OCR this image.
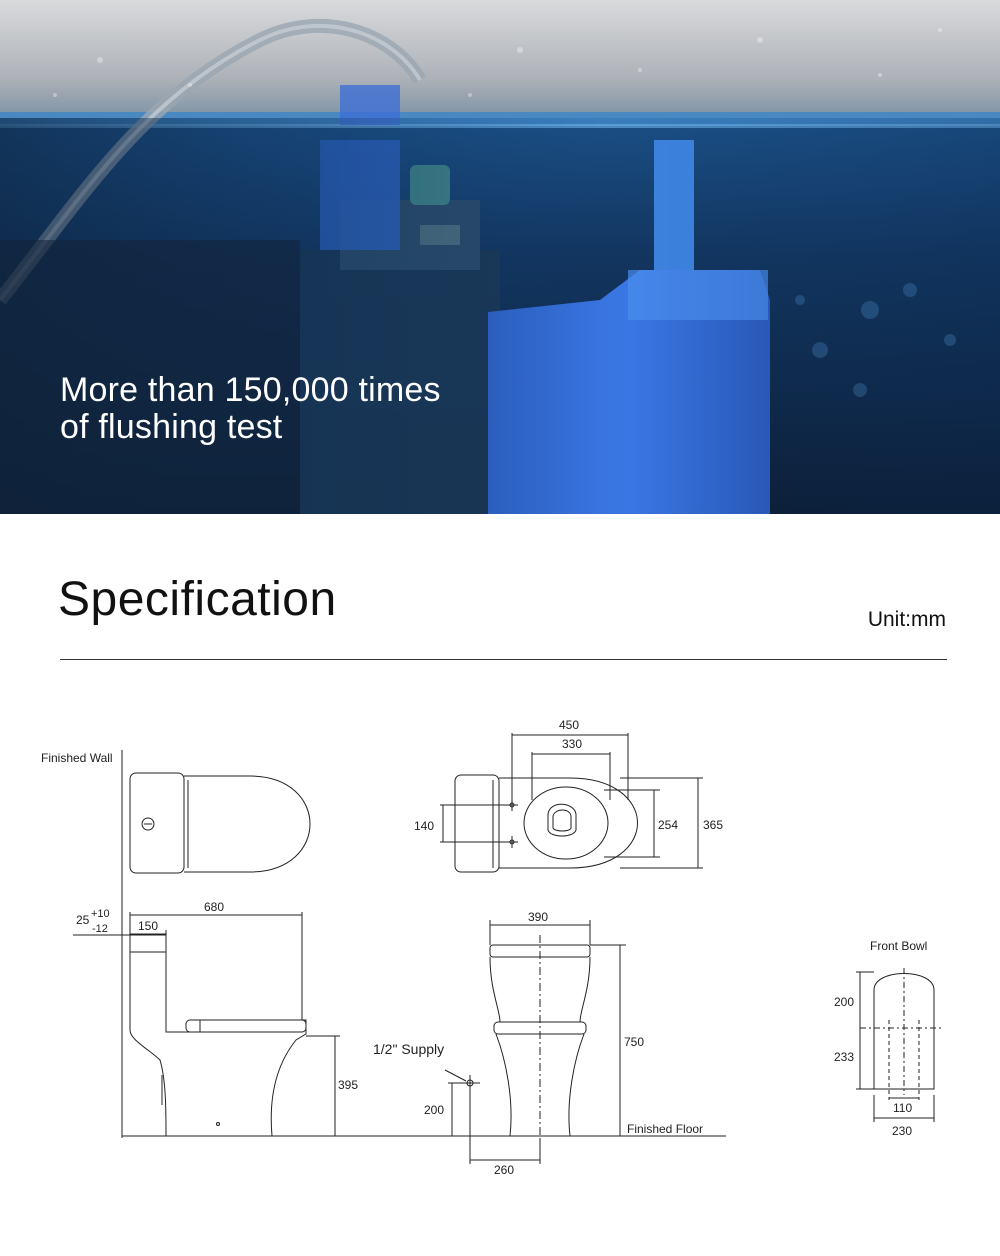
More than 150,000 times
of flushing test
Specification	Unit:mm
Finished Wall
450
330
140	254 365
25 +10
-12	150
680
395
390
750
1/2" Supply
200
260
Finished Floor
Front Bowl
200
233
110
230
